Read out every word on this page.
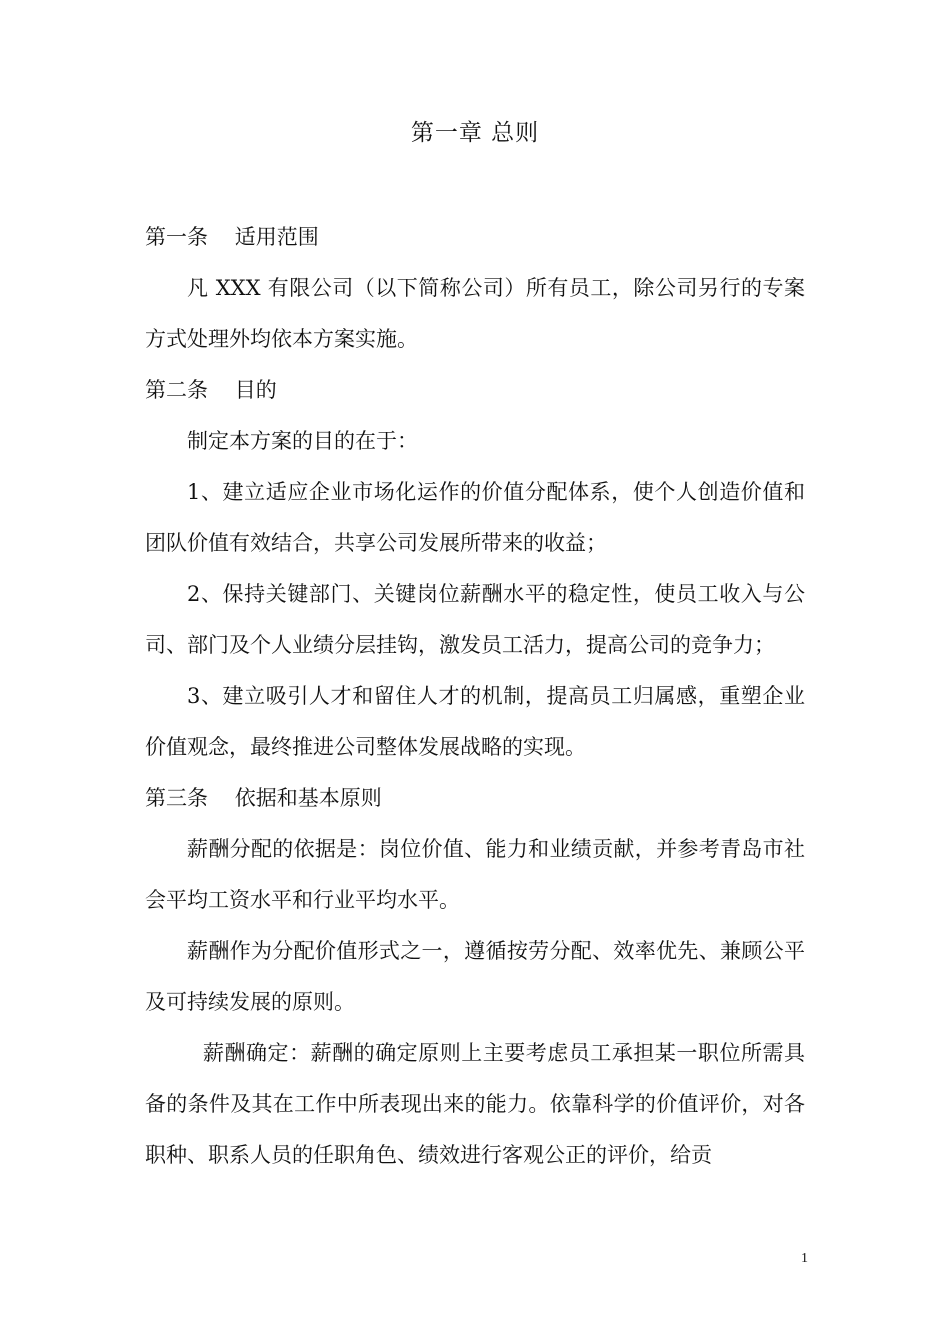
第一章 总则

第一条    适用范围

凡 XXX 有限公司（以下简称公司）所有员工，除公司另行的专案方式处理外均依本方案实施。

第二条    目的

制定本方案的目的在于：

1、建立适应企业市场化运作的价值分配体系，使个人创造价值和团队价值有效结合，共享公司发展所带来的收益；

2、保持关键部门、关键岗位薪酬水平的稳定性，使员工收入与公司、部门及个人业绩分层挂钩，激发员工活力，提高公司的竞争力；

3、建立吸引人才和留住人才的机制，提高员工归属感，重塑企业价值观念，最终推进公司整体发展战略的实现。

第三条    依据和基本原则

薪酬分配的依据是：岗位价值、能力和业绩贡献，并参考青岛市社会平均工资水平和行业平均水平。

薪酬作为分配价值形式之一，遵循按劳分配、效率优先、兼顾公平及可持续发展的原则。

薪酬确定：薪酬的确定原则上主要考虑员工承担某一职位所需具备的条件及其在工作中所表现出来的能力。依靠科学的价值评价，对各职种、职系人员的任职角色、绩效进行客观公正的评价，给贡

1
